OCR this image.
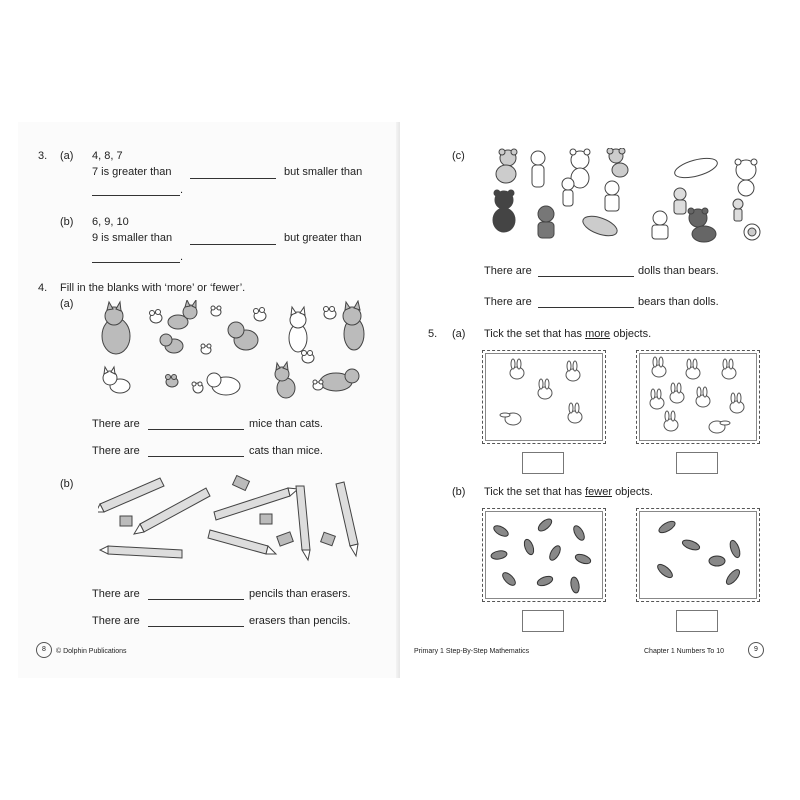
3. (a) 4, 8, 7
7 is greater than	but smaller than
.
(b) 6, 9, 10
9 is smaller than	but greater than
.
4. Fill in the blanks with ‘more’ or ‘fewer’.
(a)
There are	mice than cats.
There are	cats than mice.
(b)
There are	pencils than erasers.
There are	erasers than pencils.
8	© Dolphin Publications
(c)
There are	dolls than bears.
There are	bears than dolls.
5. (a) Tick the set that has more objects.
(b) Tick the set that has fewer objects.
Primary 1 Step-By-Step Mathematics	Chapter 1 Numbers To 10	9
